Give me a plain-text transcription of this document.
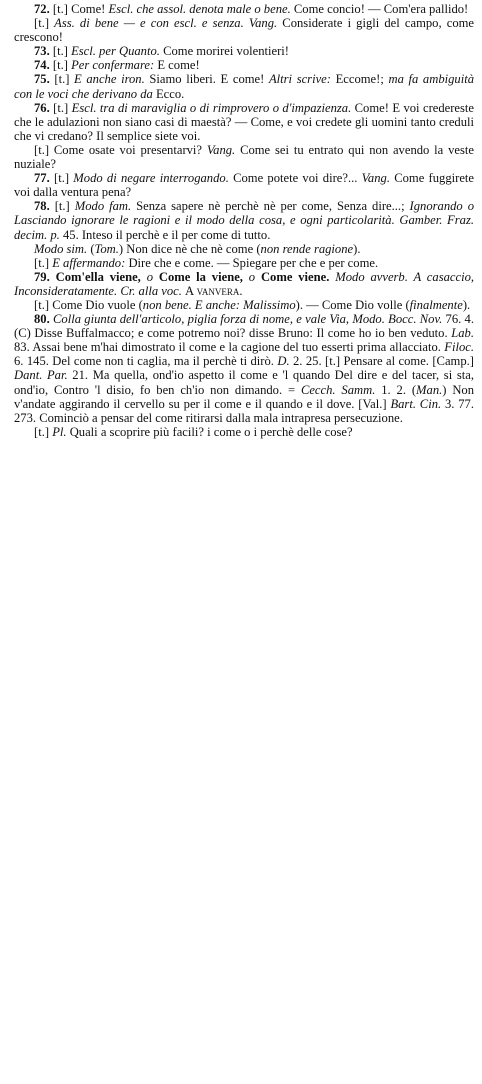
72. [t.] Come! Escl. che assol. denota male o bene. Come concio! — Com'era pallido!

[t.] Ass. di bene — e con escl. e senza. Vang. Considerate i gigli del campo, come crescono!

73. [t.] Escl. per Quanto. Come morirei volentieri!

74. [t.] Per confermare: E come!

75. [t.] E anche iron. Siamo liberi. E come! Altri scrive: Eccome!; ma fa ambiguità con le voci che derivano da Ecco.

76. [t.] Escl. tra di maraviglia o di rimprovero o d'impazienza. Come! E voi credereste che le adulazioni non siano casi di maestà? — Come, e voi credete gli uomini tanto creduli che vi credano? Il semplice siete voi.

[t.] Come osate voi presentarvi? Vang. Come sei tu entrato qui non avendo la veste nuziale?

77. [t.] Modo di negare interrogando. Come potete voi dire?... Vang. Come fuggirete voi dalla ventura pena?

78. [t.] Modo fam. Senza sapere nè perchè nè per come, Senza dire...; Ignorando o Lasciando ignorare le ragioni e il modo della cosa, e ogni particolarità. Gamber. Fraz. decim. p. 45. Inteso il perchè e il per come di tutto.

Modo sim. (Tom.) Non dice nè che nè come (non rende ragione).

[t.] E affermando: Dire che e come. — Spiegare per che e per come.

79. Com'ella viene, o Come la viene, o Come viene. Modo avverb. A casaccio, Inconsideratamente. Cr. alla voc. A vanvera.

[t.] Come Dio vuole (non bene. E anche: Malissimo). — Come Dio volle (finalmente).

80. Colla giunta dell'articolo, piglia forza di nome, e vale Via, Modo. Bocc. Nov. 76. 4. (C) Disse Buffalmacco; e come potremo noi? disse Bruno: Il come ho io ben veduto. Lab. 83. Assai bene m'hai dimostrato il come e la cagione del tuo esserti prima allacciato. Filoc. 6. 145. Del come non ti caglia, ma il perchè ti dirò. D. 2. 25. [t.] Pensare al come. [Camp.] Dant. Par. 21. Ma quella, ond'io aspetto il come e 'l quando Del dire e del tacer, si sta, ond'io, Contro 'l disio, fo ben ch'io non dimando. = Cecch. Samm. 1. 2. (Man.) Non v'andate aggirando il cervello su per il come e il quando e il dove. [Val.] Bart. Cin. 3. 77. 273. Cominciò a pensar del come ritirarsi dalla mala intrapresa persecuzione.

[t.] Pl. Quali a scoprire più facili? i come o i perchè delle cose?
